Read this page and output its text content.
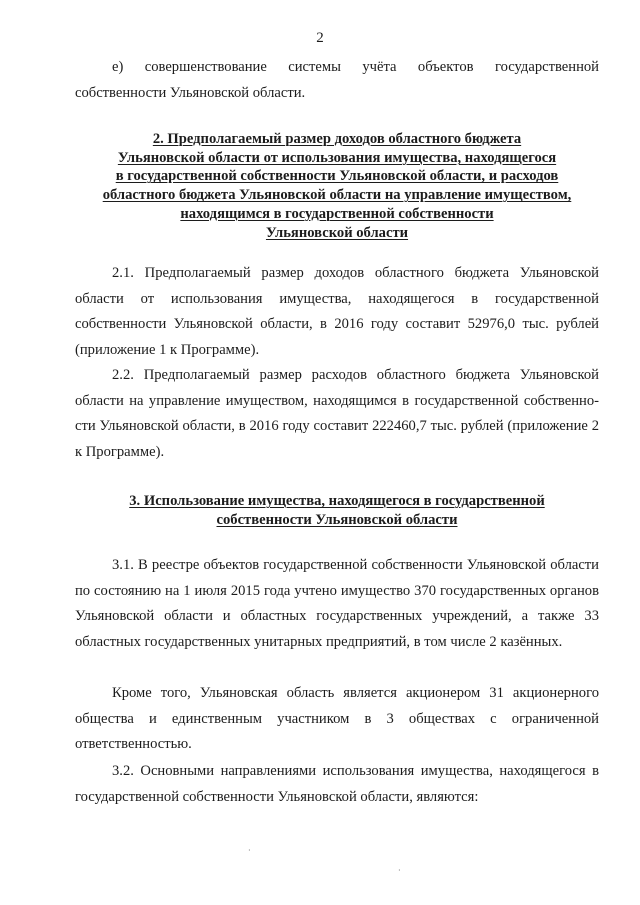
2

е) совершенствование системы учёта объектов государственной собственности Ульяновской области.

2. Предполагаемый размер доходов областного бюджета
Ульяновской области от использования имущества, находящегося
в государственной собственности Ульяновской области, и расходов
областного бюджета Ульяновской области на управление имуществом,
находящимся в государственной собственности
Ульяновской области

2.1. Предполагаемый размер доходов областного бюджета Ульяновской области от использования имущества, находящегося в государственной собственности Ульяновской области, в 2016 году составит 52976,0 тыс. рублей (приложение 1 к Программе).

2.2. Предполагаемый размер расходов областного бюджета Ульяновской области на управление имуществом, находящимся в государственной собственно-

сти Ульяновской области, в 2016 году составит 222460,7 тыс. рублей (приложение 2 к Программе).

3. Использование имущества, находящегося в государственной
собственности Ульяновской области

3.1. В реестре объектов государственной собственности Ульяновской области по состоянию на 1 июля 2015 года учтено имущество 370 государственных органов Ульяновской области и областных государственных учреждений, а также 33 областных государственных унитарных предприятий, в том числе 2 казённых.

Кроме того, Ульяновская область является акционером 31 акционерного общества и единственным участником в 3 обществах с ограниченной ответственностью.

3.2. Основными направлениями использования имущества, находящегося в государственной собственности Ульяновской области, являются:

·
·
